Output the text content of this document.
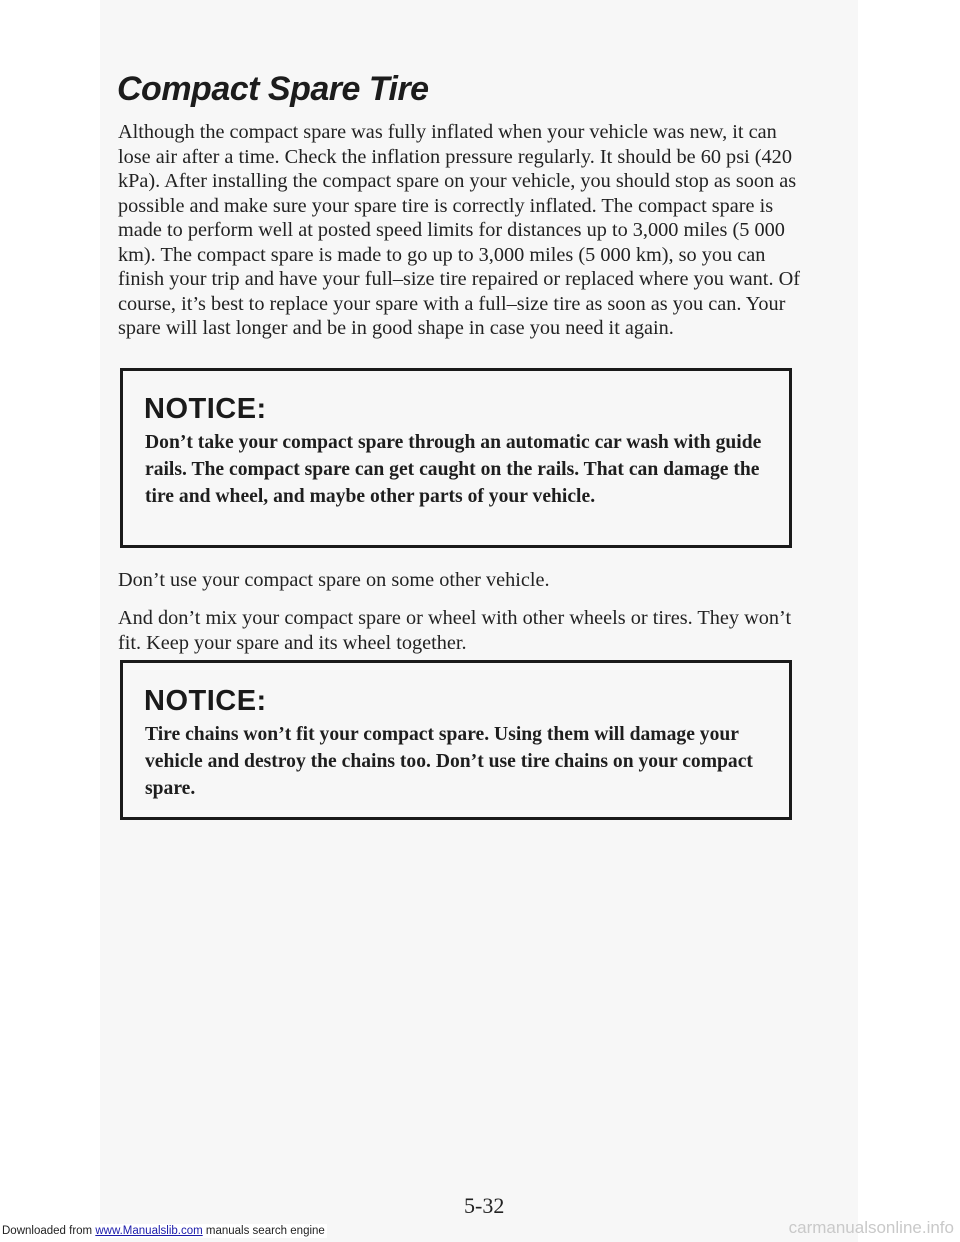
Compact Spare Tire

Although the compact spare was fully inflated when your vehicle was new, it can lose air after a time. Check the inflation pressure regularly. It should be 60 psi (420 kPa). After installing the compact spare on your vehicle, you should stop as soon as possible and make sure your spare tire is correctly inflated. The compact spare is made to perform well at posted speed limits for distances up to 3,000 miles (5 000 km). The compact spare is made to go up to 3,000 miles (5 000 km), so you can finish your trip and have your full–size tire repaired or replaced where you want. Of course, it’s best to replace your spare with a full–size tire as soon as you can. Your spare will last longer and be in good shape in case you need it again.

NOTICE:

Don’t take your compact spare through an automatic car wash with guide rails. The compact spare can get caught on the rails. That can damage the tire and wheel, and maybe other parts of your vehicle.

Don’t use your compact spare on some other vehicle.

And don’t mix your compact spare or wheel with other wheels or tires. They won’t fit. Keep your spare and its wheel together.

NOTICE:

Tire chains won’t fit your compact spare. Using them will damage your vehicle and destroy the chains too. Don’t use tire chains on your compact spare.

5-32
Downloaded from www.Manualslib.com manuals search engine	carmanualsonline.info
